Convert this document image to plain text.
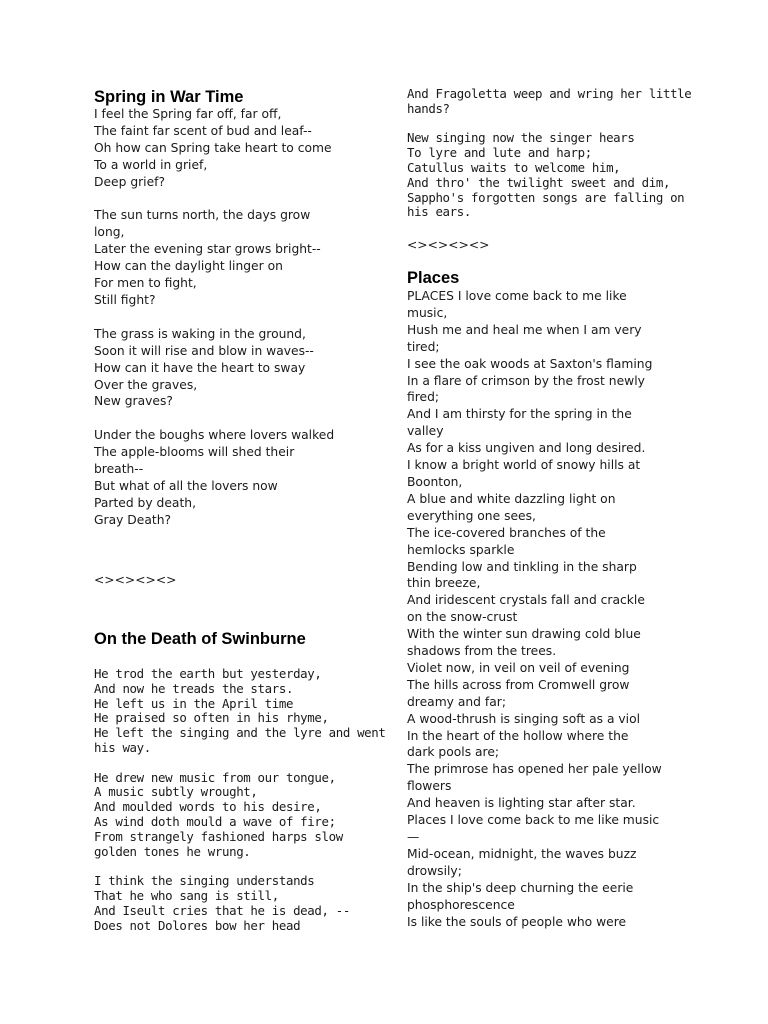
Spring in War Time
I feel the Spring far off, far off,
The faint far scent of bud and leaf--
Oh how can Spring take heart to come
To a world in grief,
Deep grief?

The sun turns north, the days grow
long,
Later the evening star grows bright--
How can the daylight linger on
For men to fight,
Still fight?

The grass is waking in the ground,
Soon it will rise and blow in waves--
How can it have the heart to sway
Over the graves,
New graves?

Under the boughs where lovers walked
The apple-blooms will shed their
breath--
But what of all the lovers now
Parted by death,
Gray Death?
<><><><>
On the Death of Swinburne
He trod the earth but yesterday,
And now he treads the stars.
He left us in the April time
He praised so often in his rhyme,
He left the singing and the lyre and went
his way.

He drew new music from our tongue,
A music subtly wrought,
And moulded words to his desire,
As wind doth mould a wave of fire;
From strangely fashioned harps slow
golden tones he wrung.

I think the singing understands
That he who sang is still,
And Iseult cries that he is dead, --
Does not Dolores bow her head
And Fragoletta weep and wring her little
hands?

New singing now the singer hears
To lyre and lute and harp;
Catullus waits to welcome him,
And thro' the twilight sweet and dim,
Sappho's forgotten songs are falling on
his ears.
<><><><>
Places
PLACES I love come back to me like
music,
Hush me and heal me when I am very
tired;
I see the oak woods at Saxton's flaming
In a flare of crimson by the frost newly
fired;
And I am thirsty for the spring in the
valley
As for a kiss ungiven and long desired.
I know a bright world of snowy hills at
Boonton,
A blue and white dazzling light on
everything one sees,
The ice-covered branches of the
hemlocks sparkle
Bending low and tinkling in the sharp
thin breeze,
And iridescent crystals fall and crackle
on the snow-crust
With the winter sun drawing cold blue
shadows from the trees.
Violet now, in veil on veil of evening
The hills across from Cromwell grow
dreamy and far;
A wood-thrush is singing soft as a viol
In the heart of the hollow where the
dark pools are;
The primrose has opened her pale yellow
flowers
And heaven is lighting star after star.
Places I love come back to me like music
—
Mid-ocean, midnight, the waves buzz
drowsily;
In the ship's deep churning the eerie
phosphorescence
Is like the souls of people who were
